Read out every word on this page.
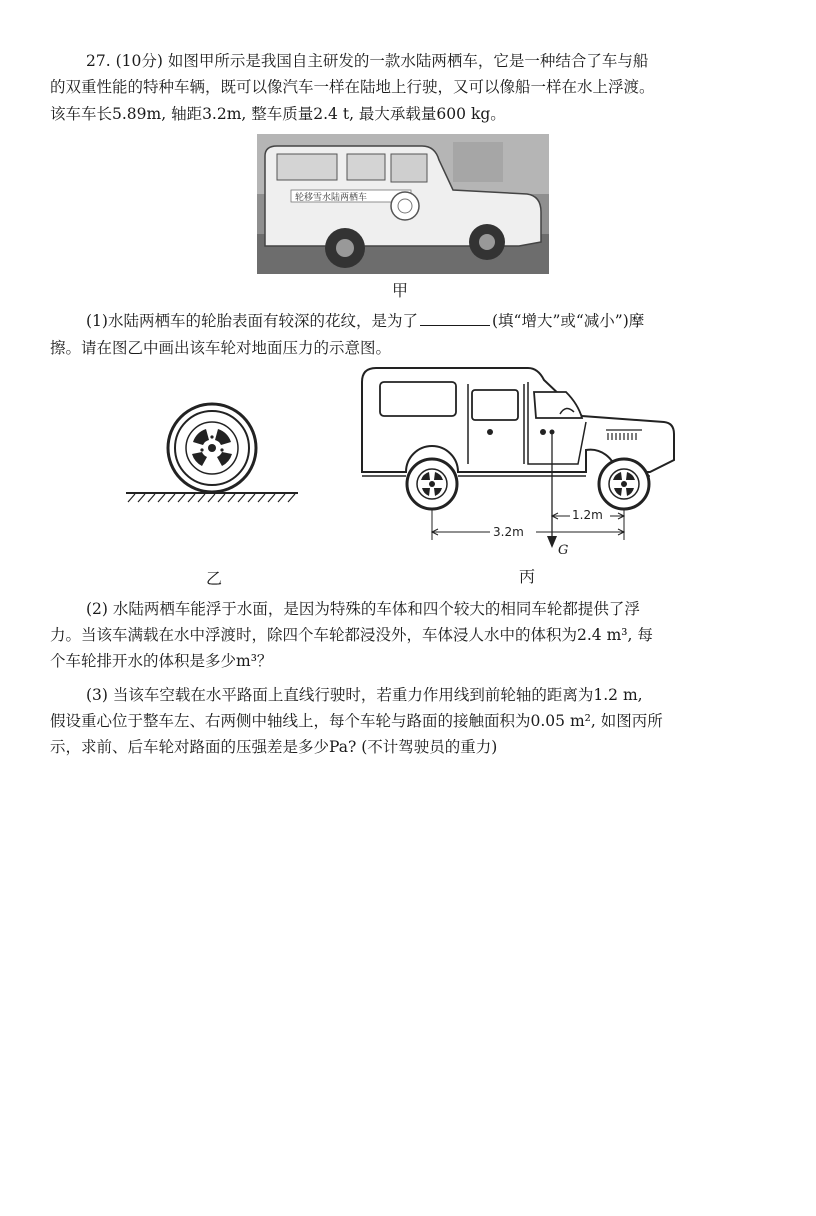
27. (10分) 如图甲所示是我国自主研发的一款水陆两栖车，它是一种结合了车与船
的双重性能的特种车辆，既可以像汽车一样在陆地上行驶，又可以像船一样在水上浮渡。
该车车长5.89m, 轴距3.2m, 整车质量2.4 t, 最大承载量600 kg。
轮移雪水陆两栖车
甲
(1)水陆两栖车的轮胎表面有较深的花纹，是为了	(填“增大”或“减小”)摩
擦。请在图乙中画出该车轮对地面压力的示意图。
乙
1.2m
3.2m
G
丙
(2) 水陆两栖车能浮于水面，是因为特殊的车体和四个较大的相同车轮都提供了浮
力。当该车满载在水中浮渡时，除四个车轮都浸没外，车体浸人水中的体积为2.4 m³, 每
个车轮排开水的体积是多少m³？
(3) 当该车空载在水平路面上直线行驶时，若重力作用线到前轮轴的距离为1.2 m,
假设重心位于整车左、右两侧中轴线上，每个车轮与路面的接触面积为0.05 m², 如图丙所
示，求前、后车轮对路面的压强差是多少Pa? (不计驾驶员的重力)
